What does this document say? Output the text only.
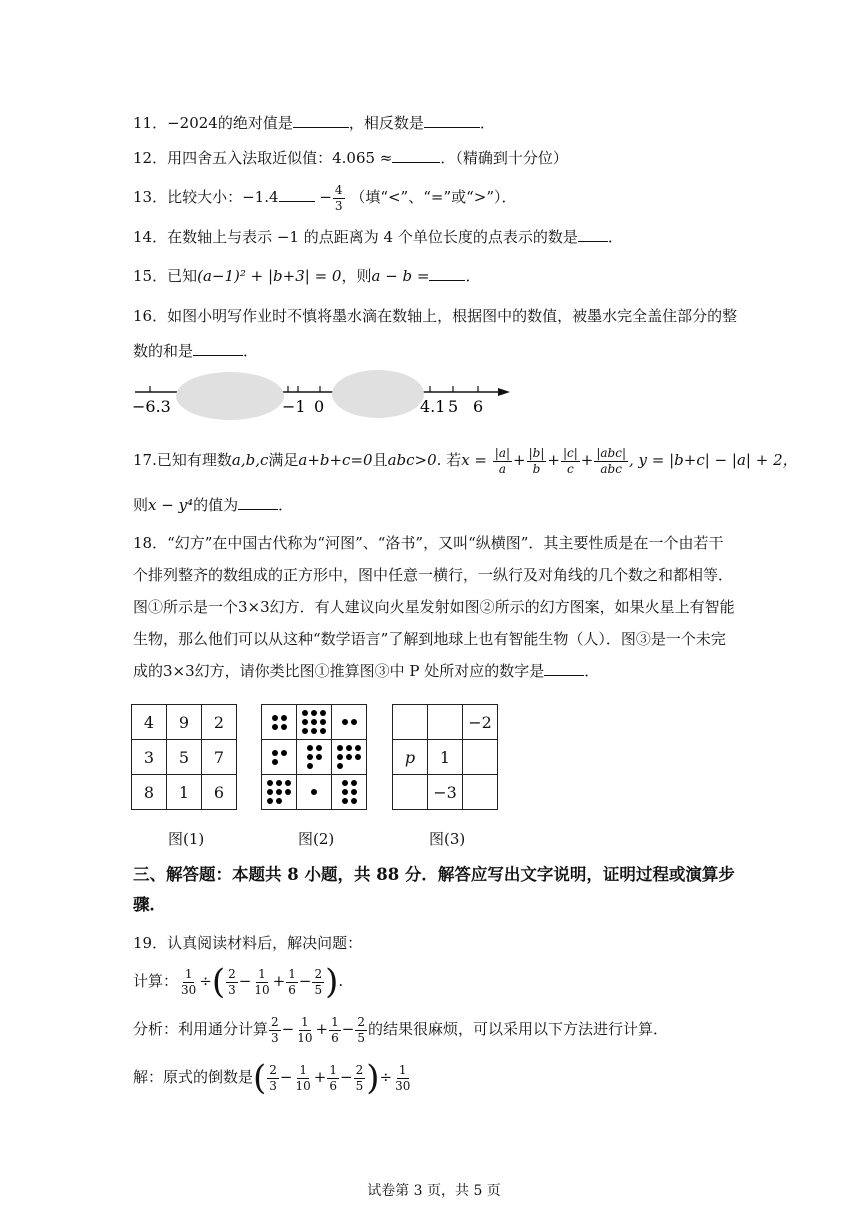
11．−2024的绝对值是	，相反数是	．
12．用四舍五入法取近似值：4.065 ≈	．（精确到十分位）
13．比较大小：−1.4	− $\frac{4}{3}$ （填“<”、“=”或“>”）．
14．在数轴上与表示 −1 的点距离为 4 个单位长度的点表示的数是 ．
15．已知(a−1)² + |b+3| = 0，则a − b = ．
16．如图小明写作业时不慎将墨水滴在数轴上，根据图中的数值，被墨水完全盖住部分的整
数的和是	．
−6.3	−1 0	4.1 5 6
17.已知有理数a,b,c满足a+b+c=0且abc>0. 若$x = \frac{|a|}{a} + \frac{|b|}{b} + \frac{|c|}{c} + \frac{\text{|abc|}}{\text{abc}}$ , y = |b+c| − |a| + 2，
则x − y⁴的值为	．
18．“幻方”在中国古代称为“河图”、“洛书”，又叫“纵横图”．其主要性质是在一个由若干个排列整齐的数组成的正方形中，图中任意一横行，一纵行及对角线的几个数之和都相等．图①所示是一个3×3幻方．有人建议向火星发射如图②所示的幻方图案，如果火星上有智能生物，那么他们可以从这种“数学语言”了解到地球上也有智能生物（人）．图③是一个未完成的3×3幻方，请你类比图①推算图③中 P 处所对应的数字是	．
4	9	2
3	5	7
8	1	6

		−2
p	1	
	−3	
图(1)	图(2)	图(3)
三、解答题：本题共 8 小题，共 88 分．解答应写出文字说明，证明过程或演算步骤．
19．认真阅读材料后，解决问题：
计算： $\frac{1}{30}$ ÷( $\frac{2}{3} - \frac{1}{10} + \frac{1}{6} - \frac{2}{5}$ ).
分析：利用通分计算 $\frac{2}{3} - \frac{1}{10} + \frac{1}{6} - \frac{2}{5}$ 的结果很麻烦，可以采用以下方法进行计算．
解：原式的倒数是( $\frac{2}{3} - \frac{1}{10} + \frac{1}{6} - \frac{2}{5}$ )÷ $\frac{1}{30}$
试卷第 3 页，共 5 页
